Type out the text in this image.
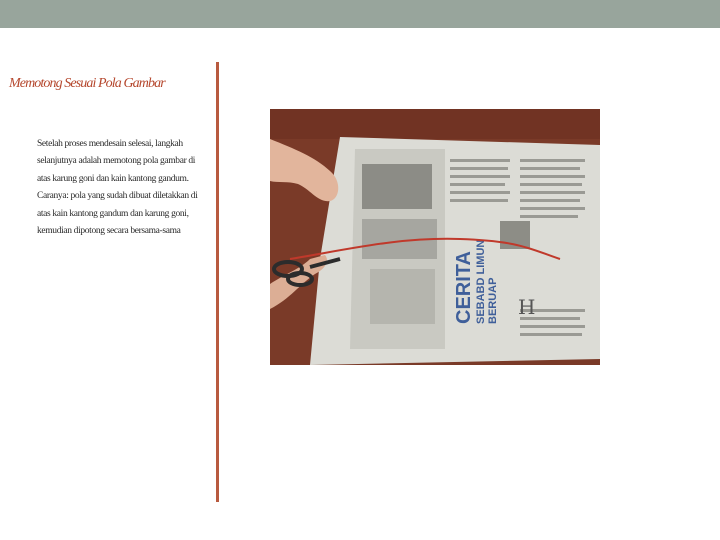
Memotong Sesuai Pola Gambar
Setelah proses mendesain selesai, langkah selanjutnya adalah memotong pola gambar di atas karung goni dan kain kantong gandum. Caranya: pola yang sudah dibuat diletakkan di atas kain kantong gandum dan karung goni, kemudian dipotong secara bersama-sama
CERITA SEBABD LIMUN BERUAP H
